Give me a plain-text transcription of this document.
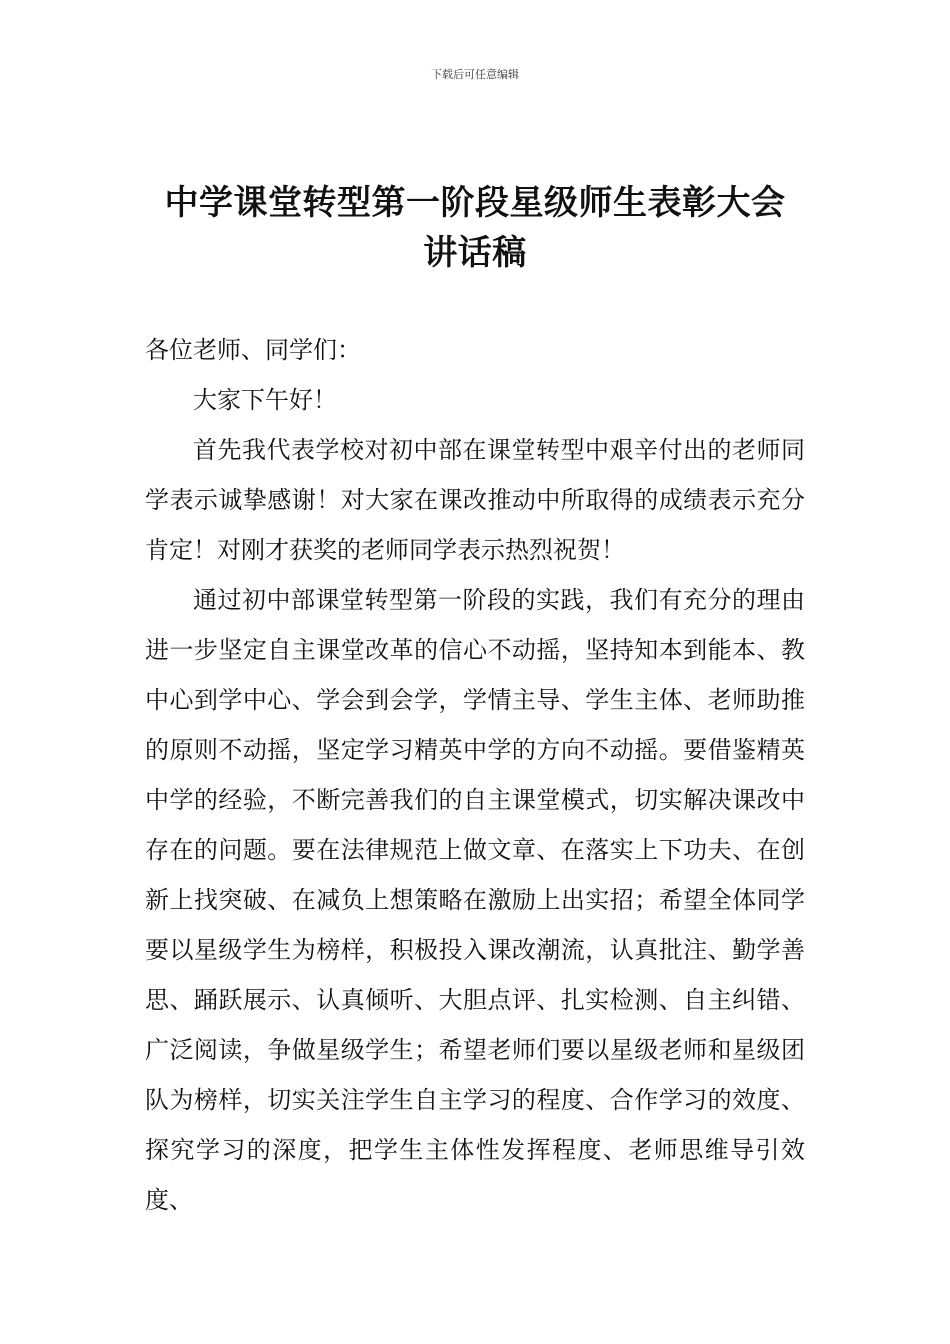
下载后可任意编辑
中学课堂转型第一阶段星级师生表彰大会
讲话稿

各位老师、同学们：

大家下午好！

首先我代表学校对初中部在课堂转型中艰辛付出的老师同学表示诚挚感谢！对大家在课改推动中所取得的成绩表示充分肯定！对刚才获奖的老师同学表示热烈祝贺！

通过初中部课堂转型第一阶段的实践，我们有充分的理由进一步坚定自主课堂改革的信心不动摇，坚持知本到能本、教中心到学中心、学会到会学，学情主导、学生主体、老师助推的原则不动摇，坚定学习精英中学的方向不动摇。要借鉴精英中学的经验，不断完善我们的自主课堂模式，切实解决课改中存在的问题。要在法律规范上做文章、在落实上下功夫、在创新上找突破、在减负上想策略在激励上出实招；希望全体同学要以星级学生为榜样，积极投入课改潮流，认真批注、勤学善思、踊跃展示、认真倾听、大胆点评、扎实检测、自主纠错、广泛阅读，争做星级学生；希望老师们要以星级老师和星级团队为榜样，切实关注学生自主学习的程度、合作学习的效度、探究学习的深度，把学生主体性发挥程度、老师思维导引效度、
